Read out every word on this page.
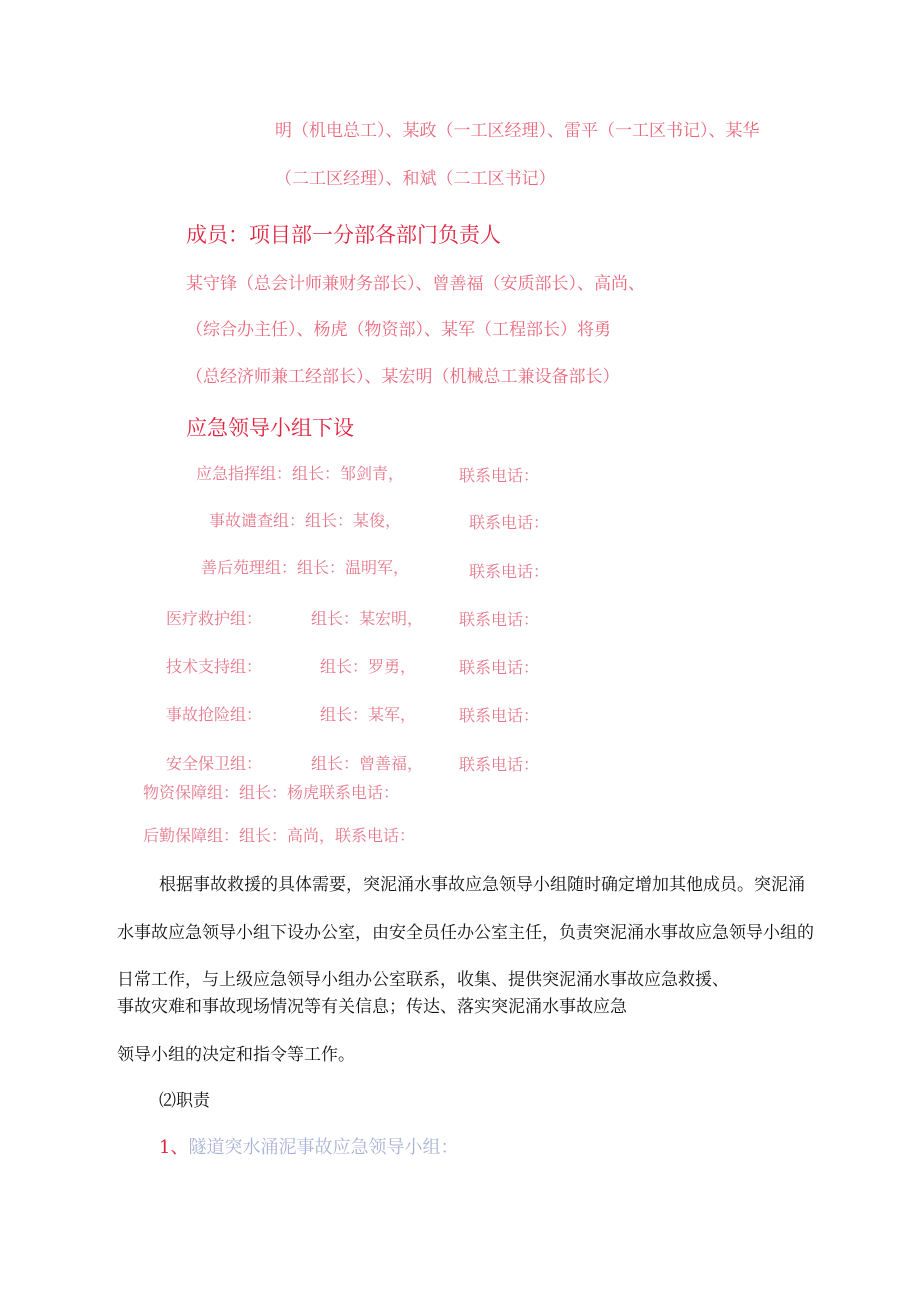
明（机电总工）、某政（一工区经理）、雷平（一工区书记）、某华
（二工区经理）、和斌（二工区书记）
成员：项目部一分部各部门负责人
某守锋（总会计师兼财务部长）、曾善福（安质部长）、高尚、
（综合办主任）、杨虎（物资部）、某军（工程部长）将勇
（总经济师兼工经部长）、某宏明（机械总工兼设备部长）
应急领导小组下设
应急指挥组：组长：邹剑青，	联系电话：
事故谴查组：组长：某俊，	联系电话：
善后苑理组：组长：温明军，	联系电话：
医疗救护组：	组长：某宏明， 联系电话：
技术支持组：	组长：罗勇，	联系电话：
事故抢险组：	组长：某军，	联系电话：
安全保卫组：	组长：曾善福， 联系电话：
物资保障组：组长：杨虎联系电话：
后勤保障组：组长：高尚，联系电话：
根据事故救援的具体需要，突泥涌水事故应急领导小组随时确定增加其他成员。突泥涌
水事故应急领导小组下设办公室，由安全员任办公室主任，负责突泥涌水事故应急领导小组的
日常工作，与上级应急领导小组办公室联系，收集、提供突泥涌水事故应急救援、
事故灾难和事故现场情况等有关信息；传达、落实突泥涌水事故应急
领导小组的决定和指令等工作。
⑵职责
1、隧道突水涌泥事故应急领导小组：
